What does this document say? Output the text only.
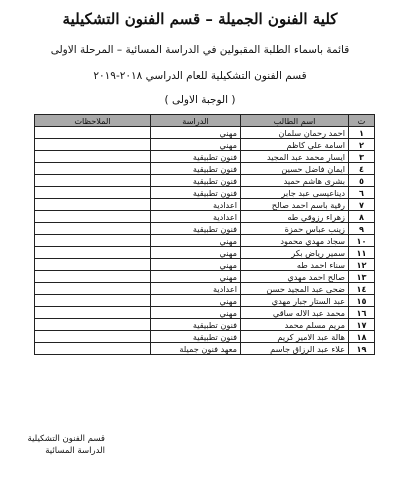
كلية الفنون الجميلة – قسم الفنون التشكيلية
قائمة باسماء الطلبة المقبولين في الدراسة المسائية – المرحلة الاولى
قسم الفنون التشكيلية للعام الدراسي ٢٠١٨-٢٠١٩
( الوجبة الاولى )
ت	اسم الطالب	الدراسة	الملاحظات
١	احمد رحمان سلمان	مهني	
٢	اسامة علي كاظم	مهني	
٣	ايسار محمد عبد المجيد	فنون تطبيقية	
٤	ايمان فاضل حسين	فنون تطبيقية	
٥	بشرى هاشم حميد	فنون تطبيقية	
٦	ديناعيسى عبد جابر	فنون تطبيقية	
٧	رقية باسم احمد صالح	اعدادية	
٨	زهراء رزوقي طه	اعدادية	
٩	زينب عباس حمزة	فنون تطبيقية	
١٠	سجاد مهدي محمود	مهني	
١١	سمير رياض بكر	مهني	
١٢	سناء احمد طه	مهني	
١٣	صالح احمد مهدي	مهني	
١٤	ضحى عبد المجيد حسن	اعدادية	
١٥	عبد الستار جبار مهدي	مهني	
١٦	محمد عبد الاله ساقي	مهني	
١٧	مريم مسلم محمد	فنون تطبيقية	
١٨	هالة عبد الامير كريم	فنون تطبيقية	
١٩	علاء عبد الرزاق جاسم	معهد فنون جميلة	
قسم الفنون التشكيلية
الدراسة المسائية
